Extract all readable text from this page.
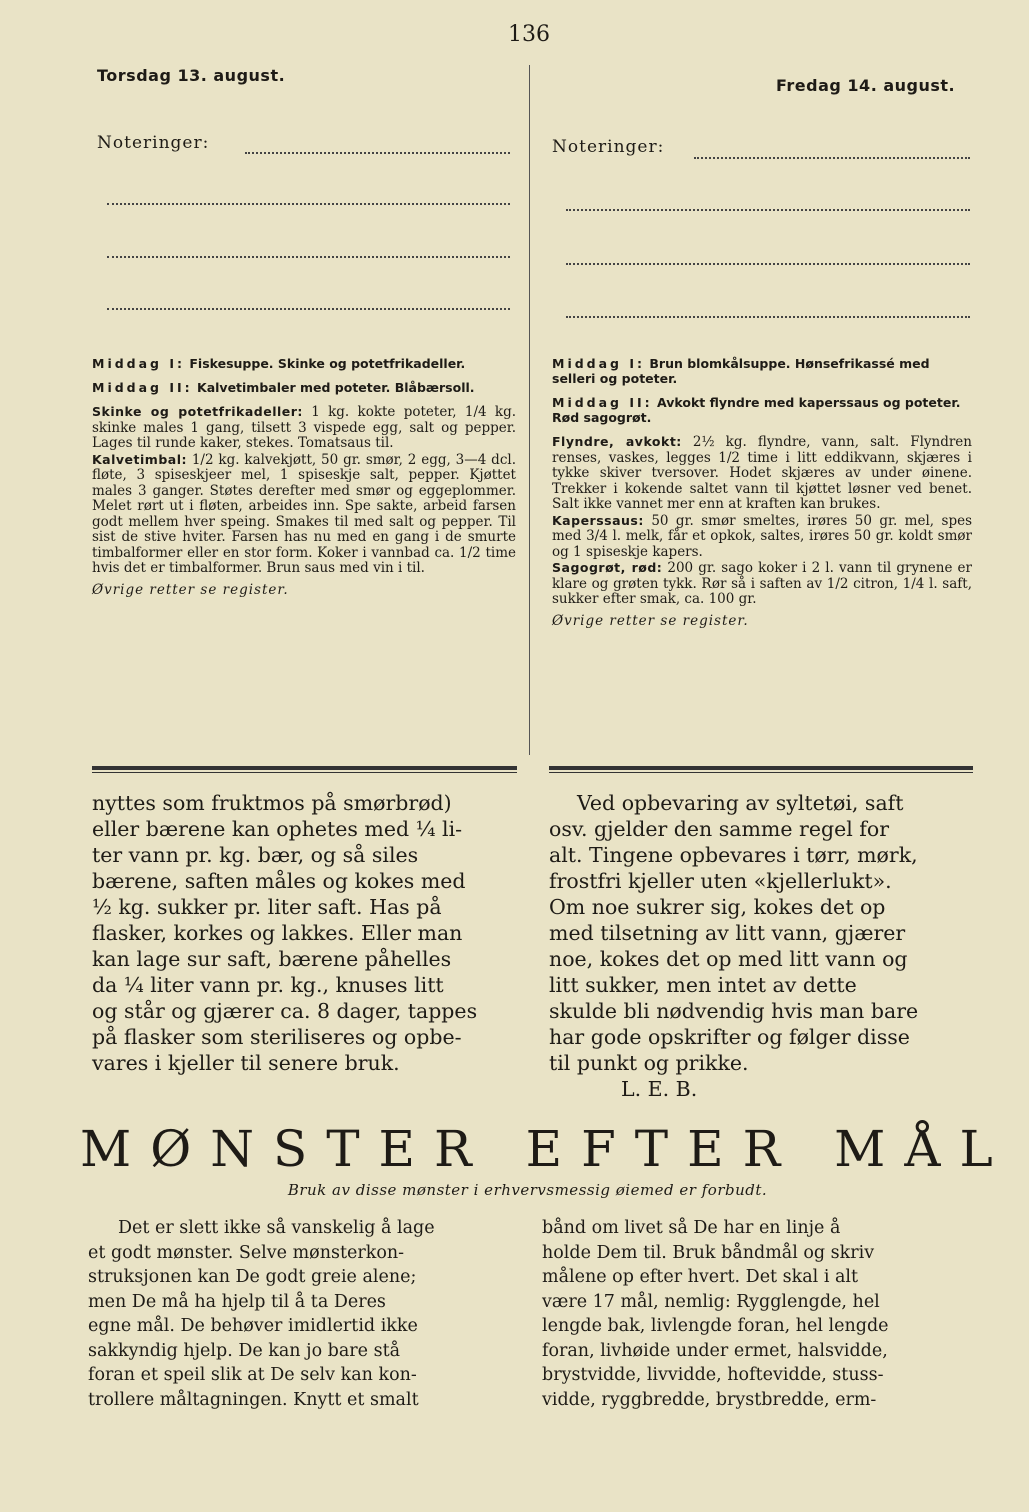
136
Torsdag 13. august.
Fredag 14. august.
Noteringer:	Noteringer:

Middag I: Fiskesuppe. Skinke og potetfrikadeller.

Middag II: Kalvetimbaler med poteter. Blåbærsoll.

Skinke og potetfrikadeller: 1 kg. kokte poteter, 1/4 kg. skinke males 1 gang, tilsett 3 vispede egg, salt og pepper. Lages til runde kaker, stekes. Tomatsaus til.

Kalvetimbal: 1/2 kg. kalvekjøtt, 50 gr. smør, 2 egg, 3—4 dcl. fløte, 3 spiseskjeer mel, 1 spiseskje salt, pepper. Kjøttet males 3 ganger. Støtes derefter med smør og eggeplommer. Melet rørt ut i fløten, arbeides inn. Spe sakte, arbeid farsen godt mellem hver speing. Smakes til med salt og pepper. Til sist de stive hviter. Farsen has nu med en gang i de smurte timbalformer eller en stor form. Koker i vannbad ca. 1/2 time hvis det er timbalformer. Brun saus med vin i til.

Øvrige retter se register.

Middag I: Brun blomkålsuppe. Hønsefrikassé med selleri og poteter.

Middag II: Avkokt flyndre med kaperssaus og poteter. Rød sagogrøt.

Flyndre, avkokt: 2½ kg. flyndre, vann, salt. Flyndren renses, vaskes, legges 1/2 time i litt eddikvann, skjæres i tykke skiver tversover. Hodet skjæres av under øinene. Trekker i kokende saltet vann til kjøttet løsner ved benet. Salt ikke vannet mer enn at kraften kan brukes.

Kaperssaus: 50 gr. smør smeltes, irøres 50 gr. mel, spes med 3/4 l. melk, får et opkok, saltes, irøres 50 gr. koldt smør og 1 spiseskje kapers.

Sagogrøt, rød: 200 gr. sago koker i 2 l. vann til grynene er klare og grøten tykk. Rør så i saften av 1/2 citron, 1/4 l. saft, sukker efter smak, ca. 100 gr.

Øvrige retter se register.

nyttes som fruktmos på smørbrød)
eller bærene kan ophetes med ¼ li-
ter vann pr. kg. bær, og så siles
bærene, saften måles og kokes med
½ kg. sukker pr. liter saft. Has på
flasker, korkes og lakkes. Eller man
kan lage sur saft, bærene påhelles
da ¼ liter vann pr. kg., knuses litt
og står og gjærer ca. 8 dager, tappes
på flasker som steriliseres og opbe-
vares i kjeller til senere bruk.
Ved opbevaring av syltetøi, saft
osv. gjelder den samme regel for
alt. Tingene opbevares i tørr, mørk,
frostfri kjeller uten «kjellerlukt».
Om noe sukrer sig, kokes det op
med tilsetning av litt vann, gjærer
noe, kokes det op med litt vann og
litt sukker, men intet av dette
skulde bli nødvendig hvis man bare
har gode opskrifter og følger disse
til punkt og prikke.
L. E. B.
MØNSTER EFTER MÅL
Bruk av disse mønster i erhvervsmessig øiemed er forbudt.
Det er slett ikke så vanskelig å lage
et godt mønster. Selve mønsterkon-
struksjonen kan De godt greie alene;
men De må ha hjelp til å ta Deres
egne mål. De behøver imidlertid ikke
sakkyndig hjelp. De kan jo bare stå
foran et speil slik at De selv kan kon-
trollere måltagningen. Knytt et smalt
bånd om livet så De har en linje å
holde Dem til. Bruk båndmål og skriv
målene op efter hvert. Det skal i alt
være 17 mål, nemlig: Rygglengde, hel
lengde bak, livlengde foran, hel lengde
foran, livhøide under ermet, halsvidde,
brystvidde, livvidde, hoftevidde, stuss-
vidde, ryggbredde, brystbredde, erm-
